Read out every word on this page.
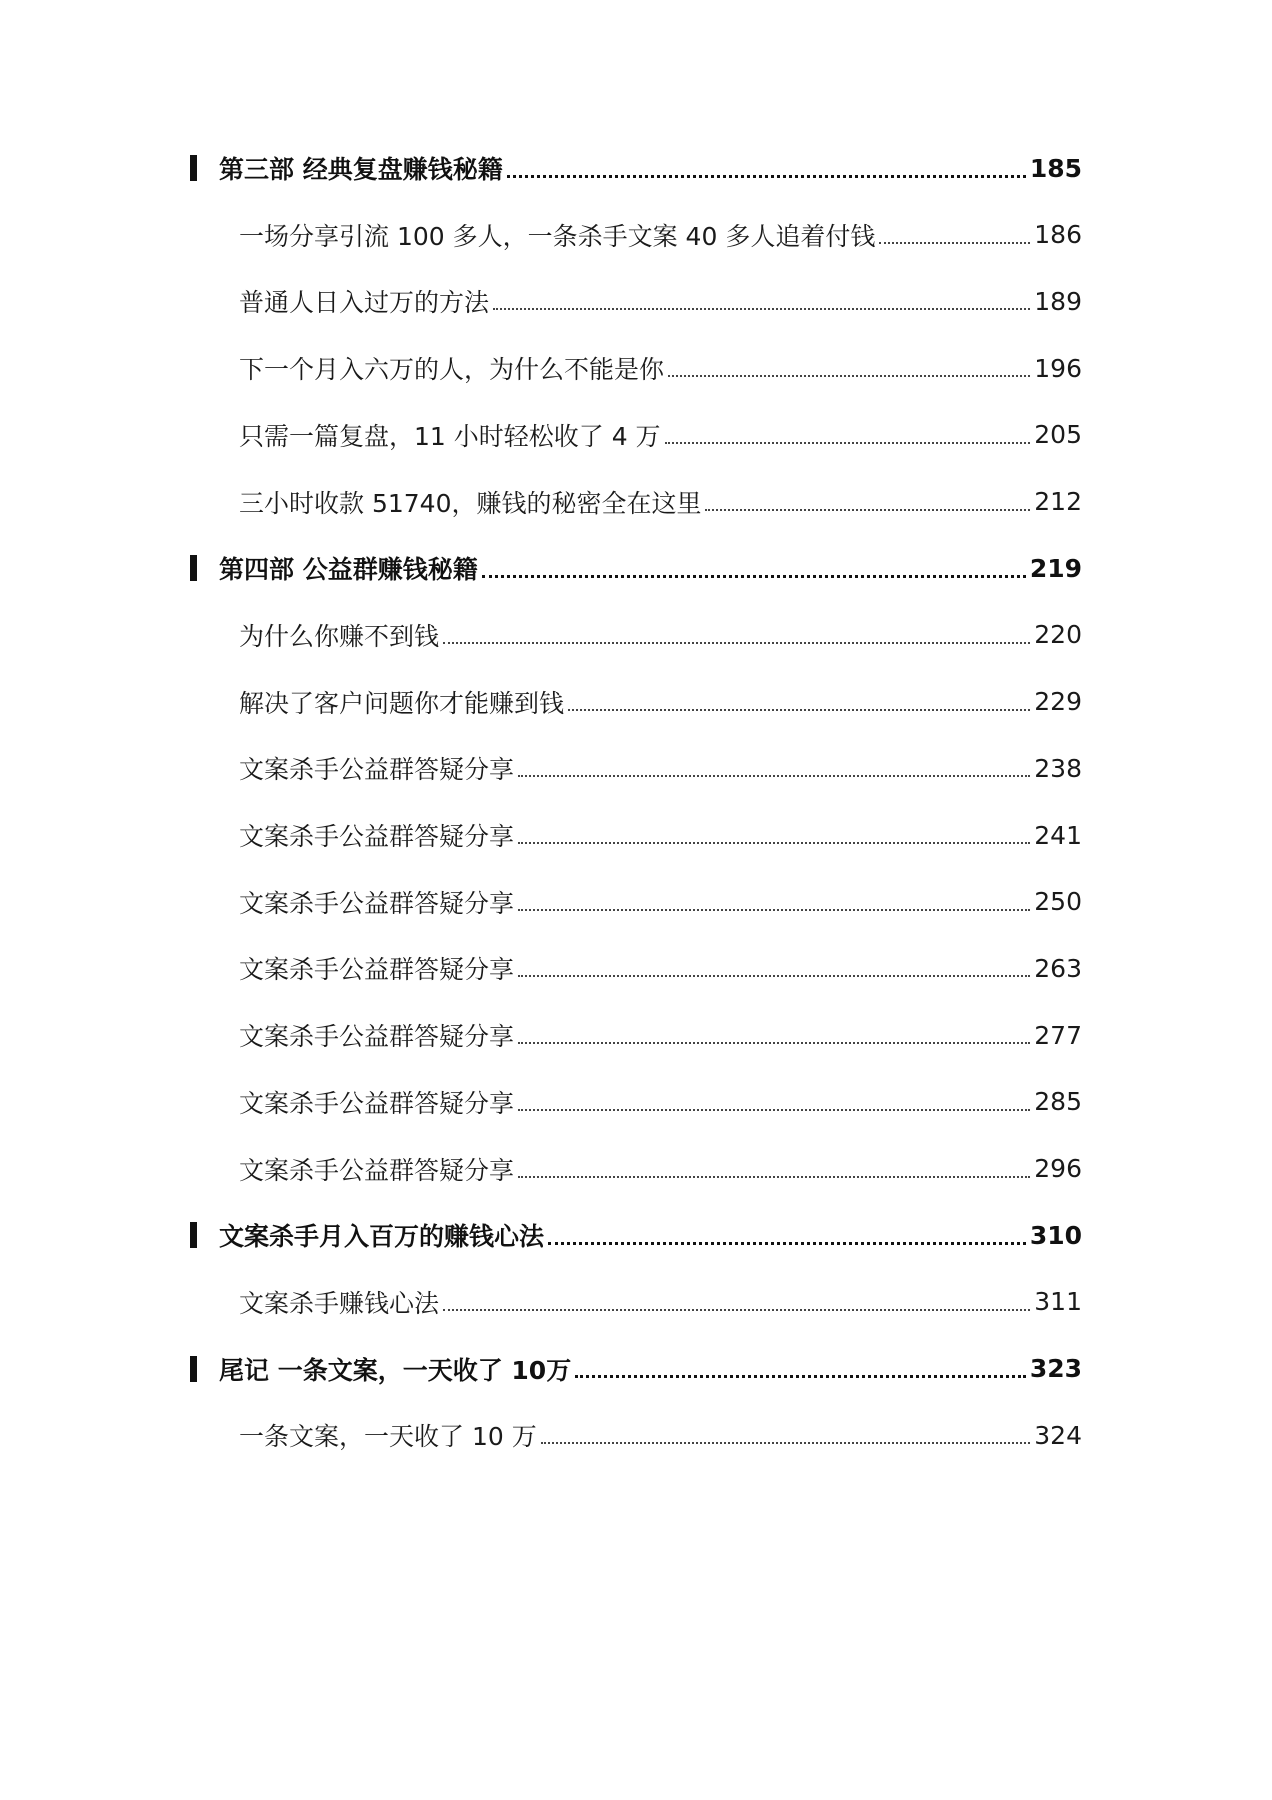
第三部 经典复盘赚钱秘籍	185
一场分享引流 100 多人，一条杀手文案 40 多人追着付钱	186
普通人日入过万的方法	189
下一个月入六万的人，为什么不能是你	196
只需一篇复盘，11 小时轻松收了 4 万	205
三小时收款 51740，赚钱的秘密全在这里	212
第四部 公益群赚钱秘籍	219
为什么你赚不到钱	220
解决了客户问题你才能赚到钱	229
文案杀手公益群答疑分享	238
文案杀手公益群答疑分享	241
文案杀手公益群答疑分享	250
文案杀手公益群答疑分享	263
文案杀手公益群答疑分享	277
文案杀手公益群答疑分享	285
文案杀手公益群答疑分享	296
文案杀手月入百万的赚钱心法	310
文案杀手赚钱心法	311
尾记 一条文案，一天收了 10万	323
一条文案，一天收了 10 万	324
